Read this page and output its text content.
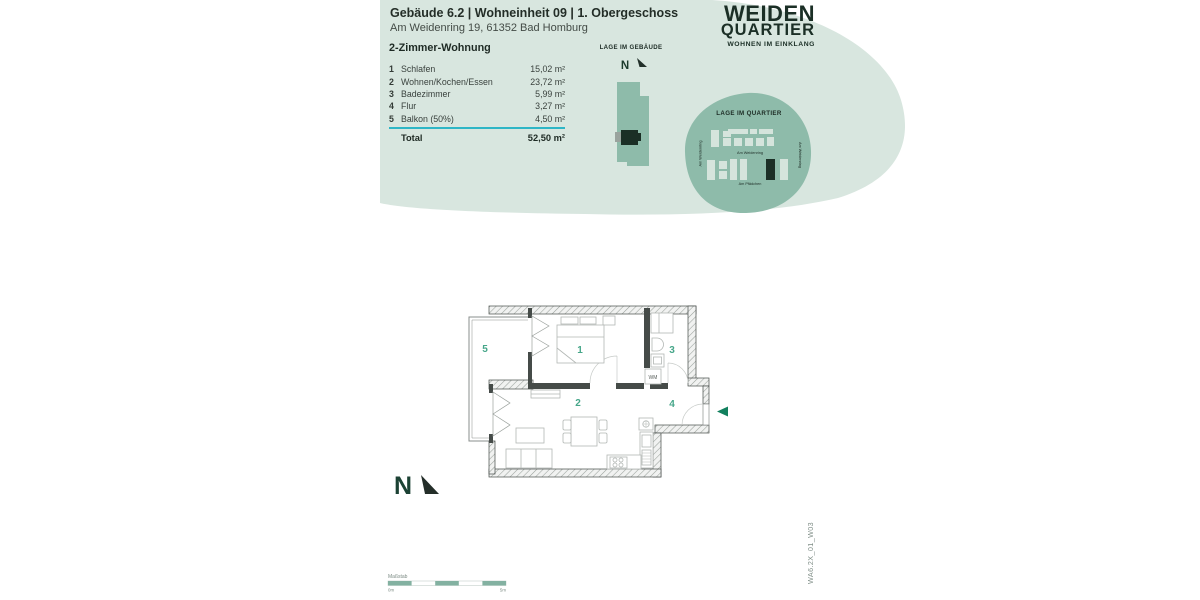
Gebäude 6.2 | Wohneinheit 09 | 1. Obergeschoss
Am Weidenring 19, 61352 Bad Homburg
WEIDEN
QUARTIER
WOHNEN IM EINKLANG
2-Zimmer-Wohnung
1 Schlafen	15,02 m²
2 Wohnen/Kochen/Essen	23,72 m²
3 Badezimmer	5,99 m²
4 Flur	3,27 m²
5 Balkon (50%)	4,50 m²
Total	52,50 m²
LAGE IM GEBÄUDE
N
LAGE IM QUARTIER
Am Weidenring	Am Weidenring	Am Weidenring
Am Pfädchen
WM
1
2
3
4
5
N
Maßstab
0m	5m
WA6.2X_01_W03
